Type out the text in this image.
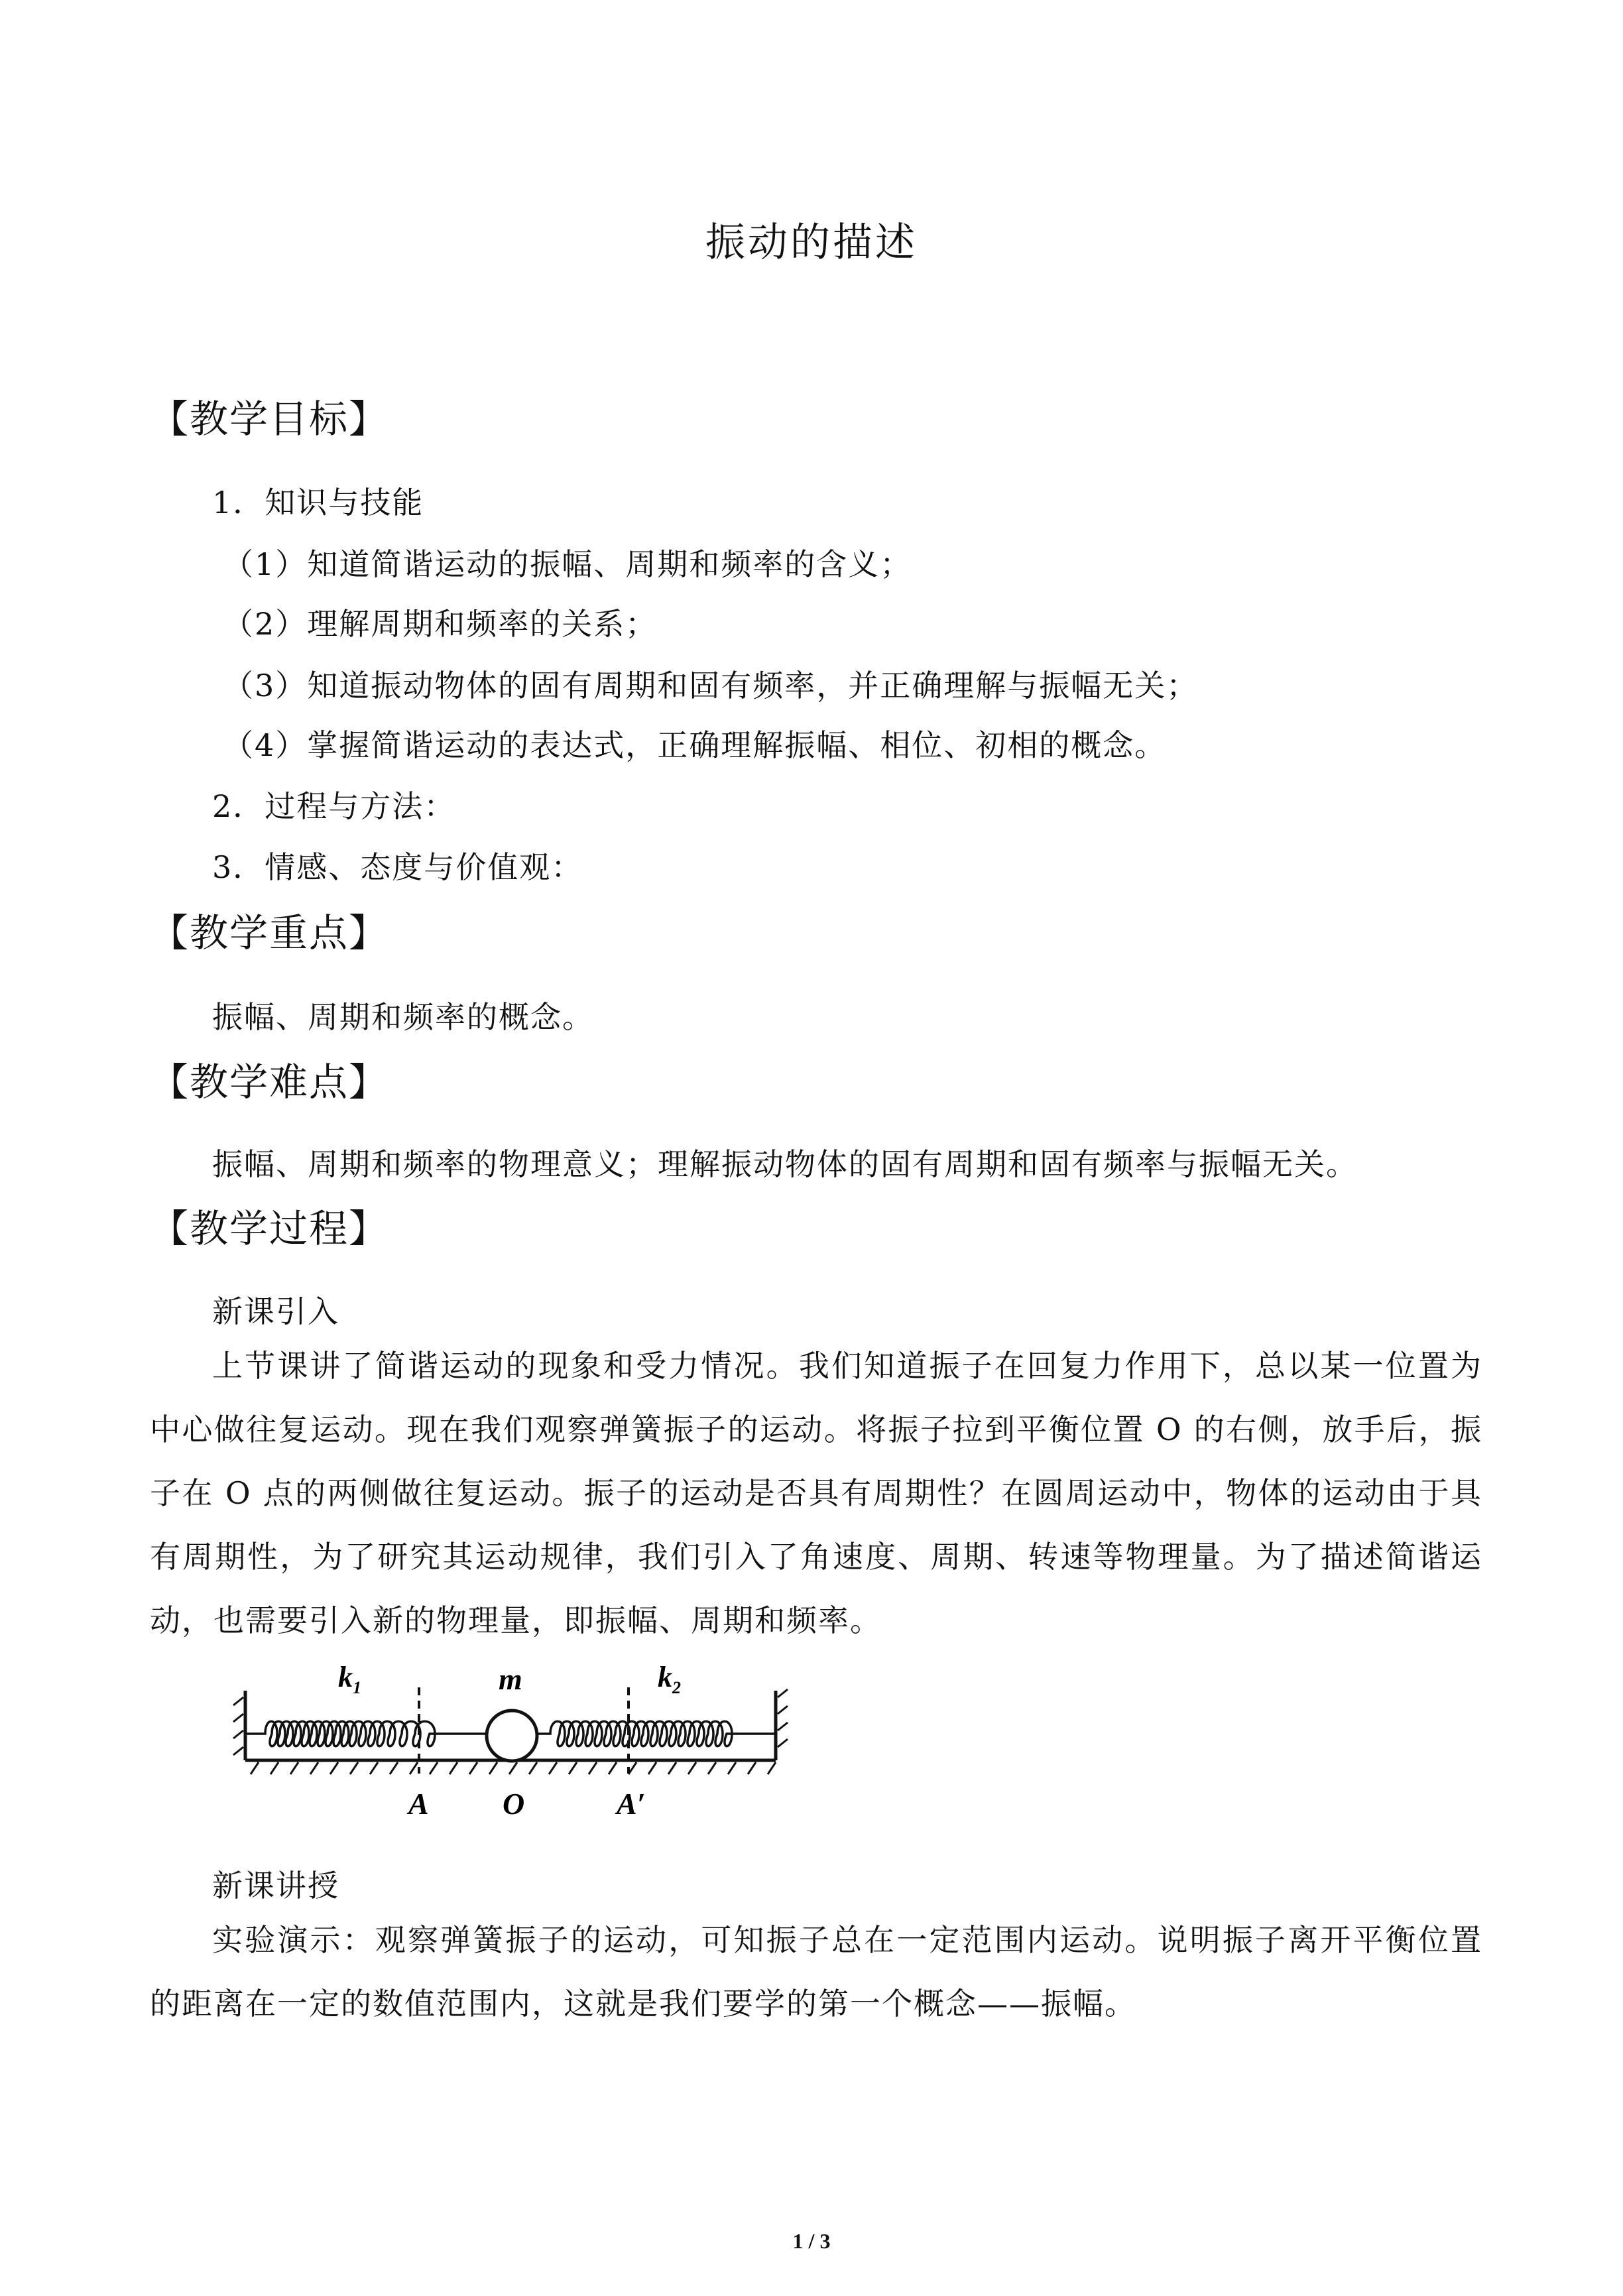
振动的描述
【教学目标】
1．知识与技能
（1）知道简谐运动的振幅、周期和频率的含义；
（2）理解周期和频率的关系；
（3）知道振动物体的固有周期和固有频率，并正确理解与振幅无关；
（4）掌握简谐运动的表达式，正确理解振幅、相位、初相的概念。
2．过程与方法：
3．情感、态度与价值观：
【教学重点】
振幅、周期和频率的概念。
【教学难点】
振幅、周期和频率的物理意义；理解振动物体的固有周期和固有频率与振幅无关。
【教学过程】
新课引入
上节课讲了简谐运动的现象和受力情况。我们知道振子在回复力作用下，总以某一位置为中心做往复运动。现在我们观察弹簧振子的运动。将振子拉到平衡位置 O 的右侧，放手后，振子在 O 点的两侧做往复运动。振子的运动是否具有周期性？在圆周运动中，物体的运动由于具有周期性，为了研究其运动规律，我们引入了角速度、周期、转速等物理量。为了描述简谐运动，也需要引入新的物理量，即振幅、周期和频率。
$k_1$	m	$k_2$
A O	A′
新课讲授
实验演示：观察弹簧振子的运动，可知振子总在一定范围内运动。说明振子离开平衡位置的距离在一定的数值范围内，这就是我们要学的第一个概念——振幅。
1 / 3
